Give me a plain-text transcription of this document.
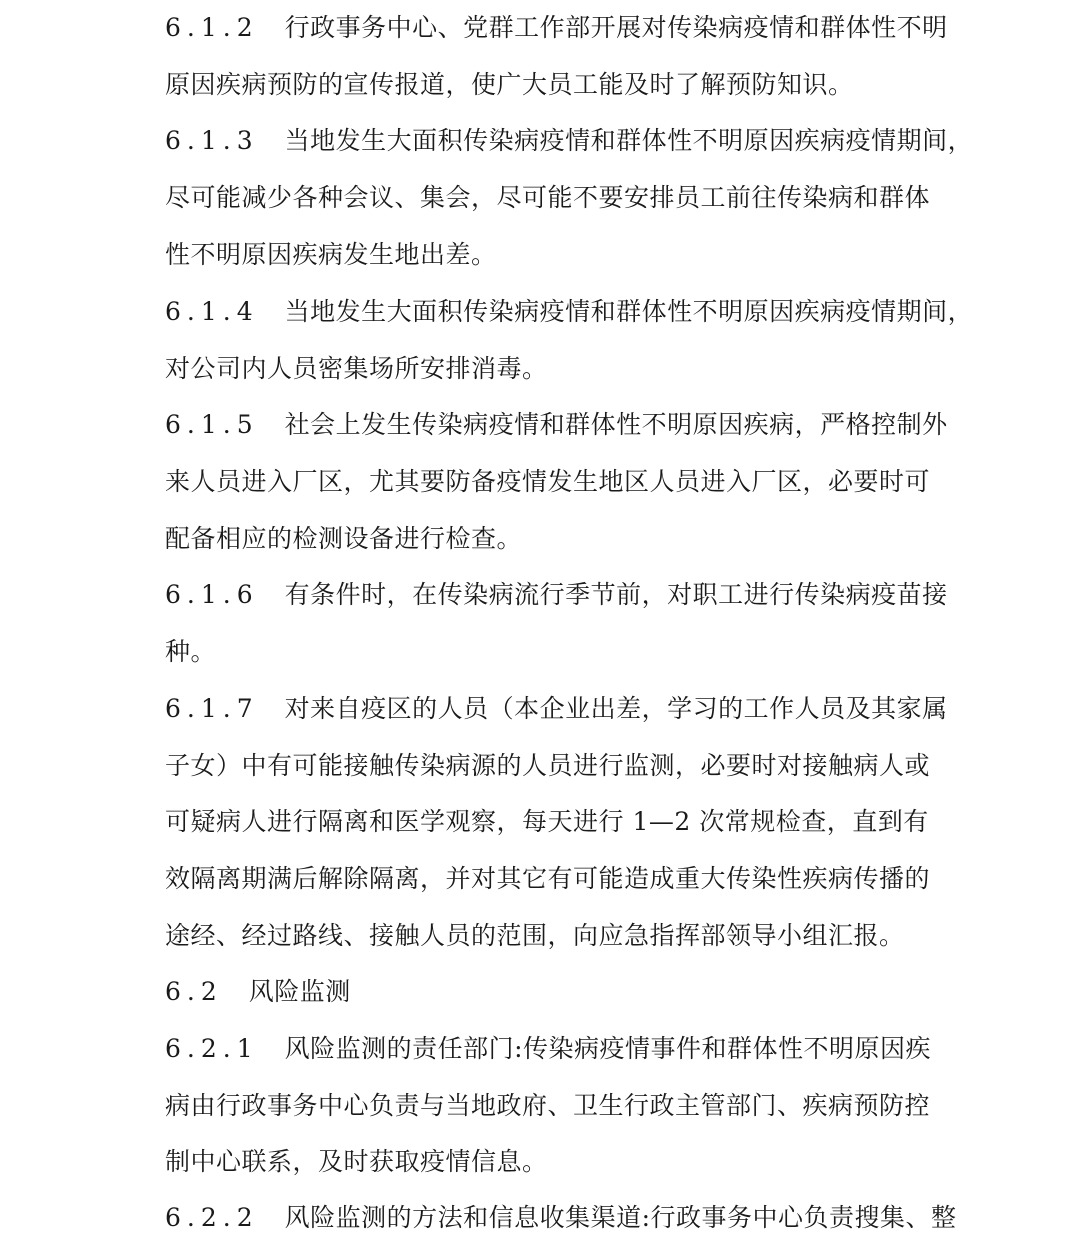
6.1.2 行政事务中心、党群工作部开展对传染病疫情和群体性不明
原因疾病预防的宣传报道，使广大员工能及时了解预防知识。
6.1.3 当地发生大面积传染病疫情和群体性不明原因疾病疫情期间，
尽可能减少各种会议、集会，尽可能不要安排员工前往传染病和群体
性不明原因疾病发生地出差。
6.1.4 当地发生大面积传染病疫情和群体性不明原因疾病疫情期间，
对公司内人员密集场所安排消毒。
6.1.5 社会上发生传染病疫情和群体性不明原因疾病，严格控制外
来人员进入厂区，尤其要防备疫情发生地区人员进入厂区，必要时可
配备相应的检测设备进行检查。
6.1.6 有条件时，在传染病流行季节前，对职工进行传染病疫苗接
种。
6.1.7 对来自疫区的人员（本企业出差，学习的工作人员及其家属
子女）中有可能接触传染病源的人员进行监测，必要时对接触病人或
可疑病人进行隔离和医学观察，每天进行 1—2 次常规检查，直到有
效隔离期满后解除隔离，并对其它有可能造成重大传染性疾病传播的
途经、经过路线、接触人员的范围，向应急指挥部领导小组汇报。
6.2 风险监测
6.2.1 风险监测的责任部门:传染病疫情事件和群体性不明原因疾
病由行政事务中心负责与当地政府、卫生行政主管部门、疾病预防控
制中心联系，及时获取疫情信息。
6.2.2 风险监测的方法和信息收集渠道:行政事务中心负责搜集、整
